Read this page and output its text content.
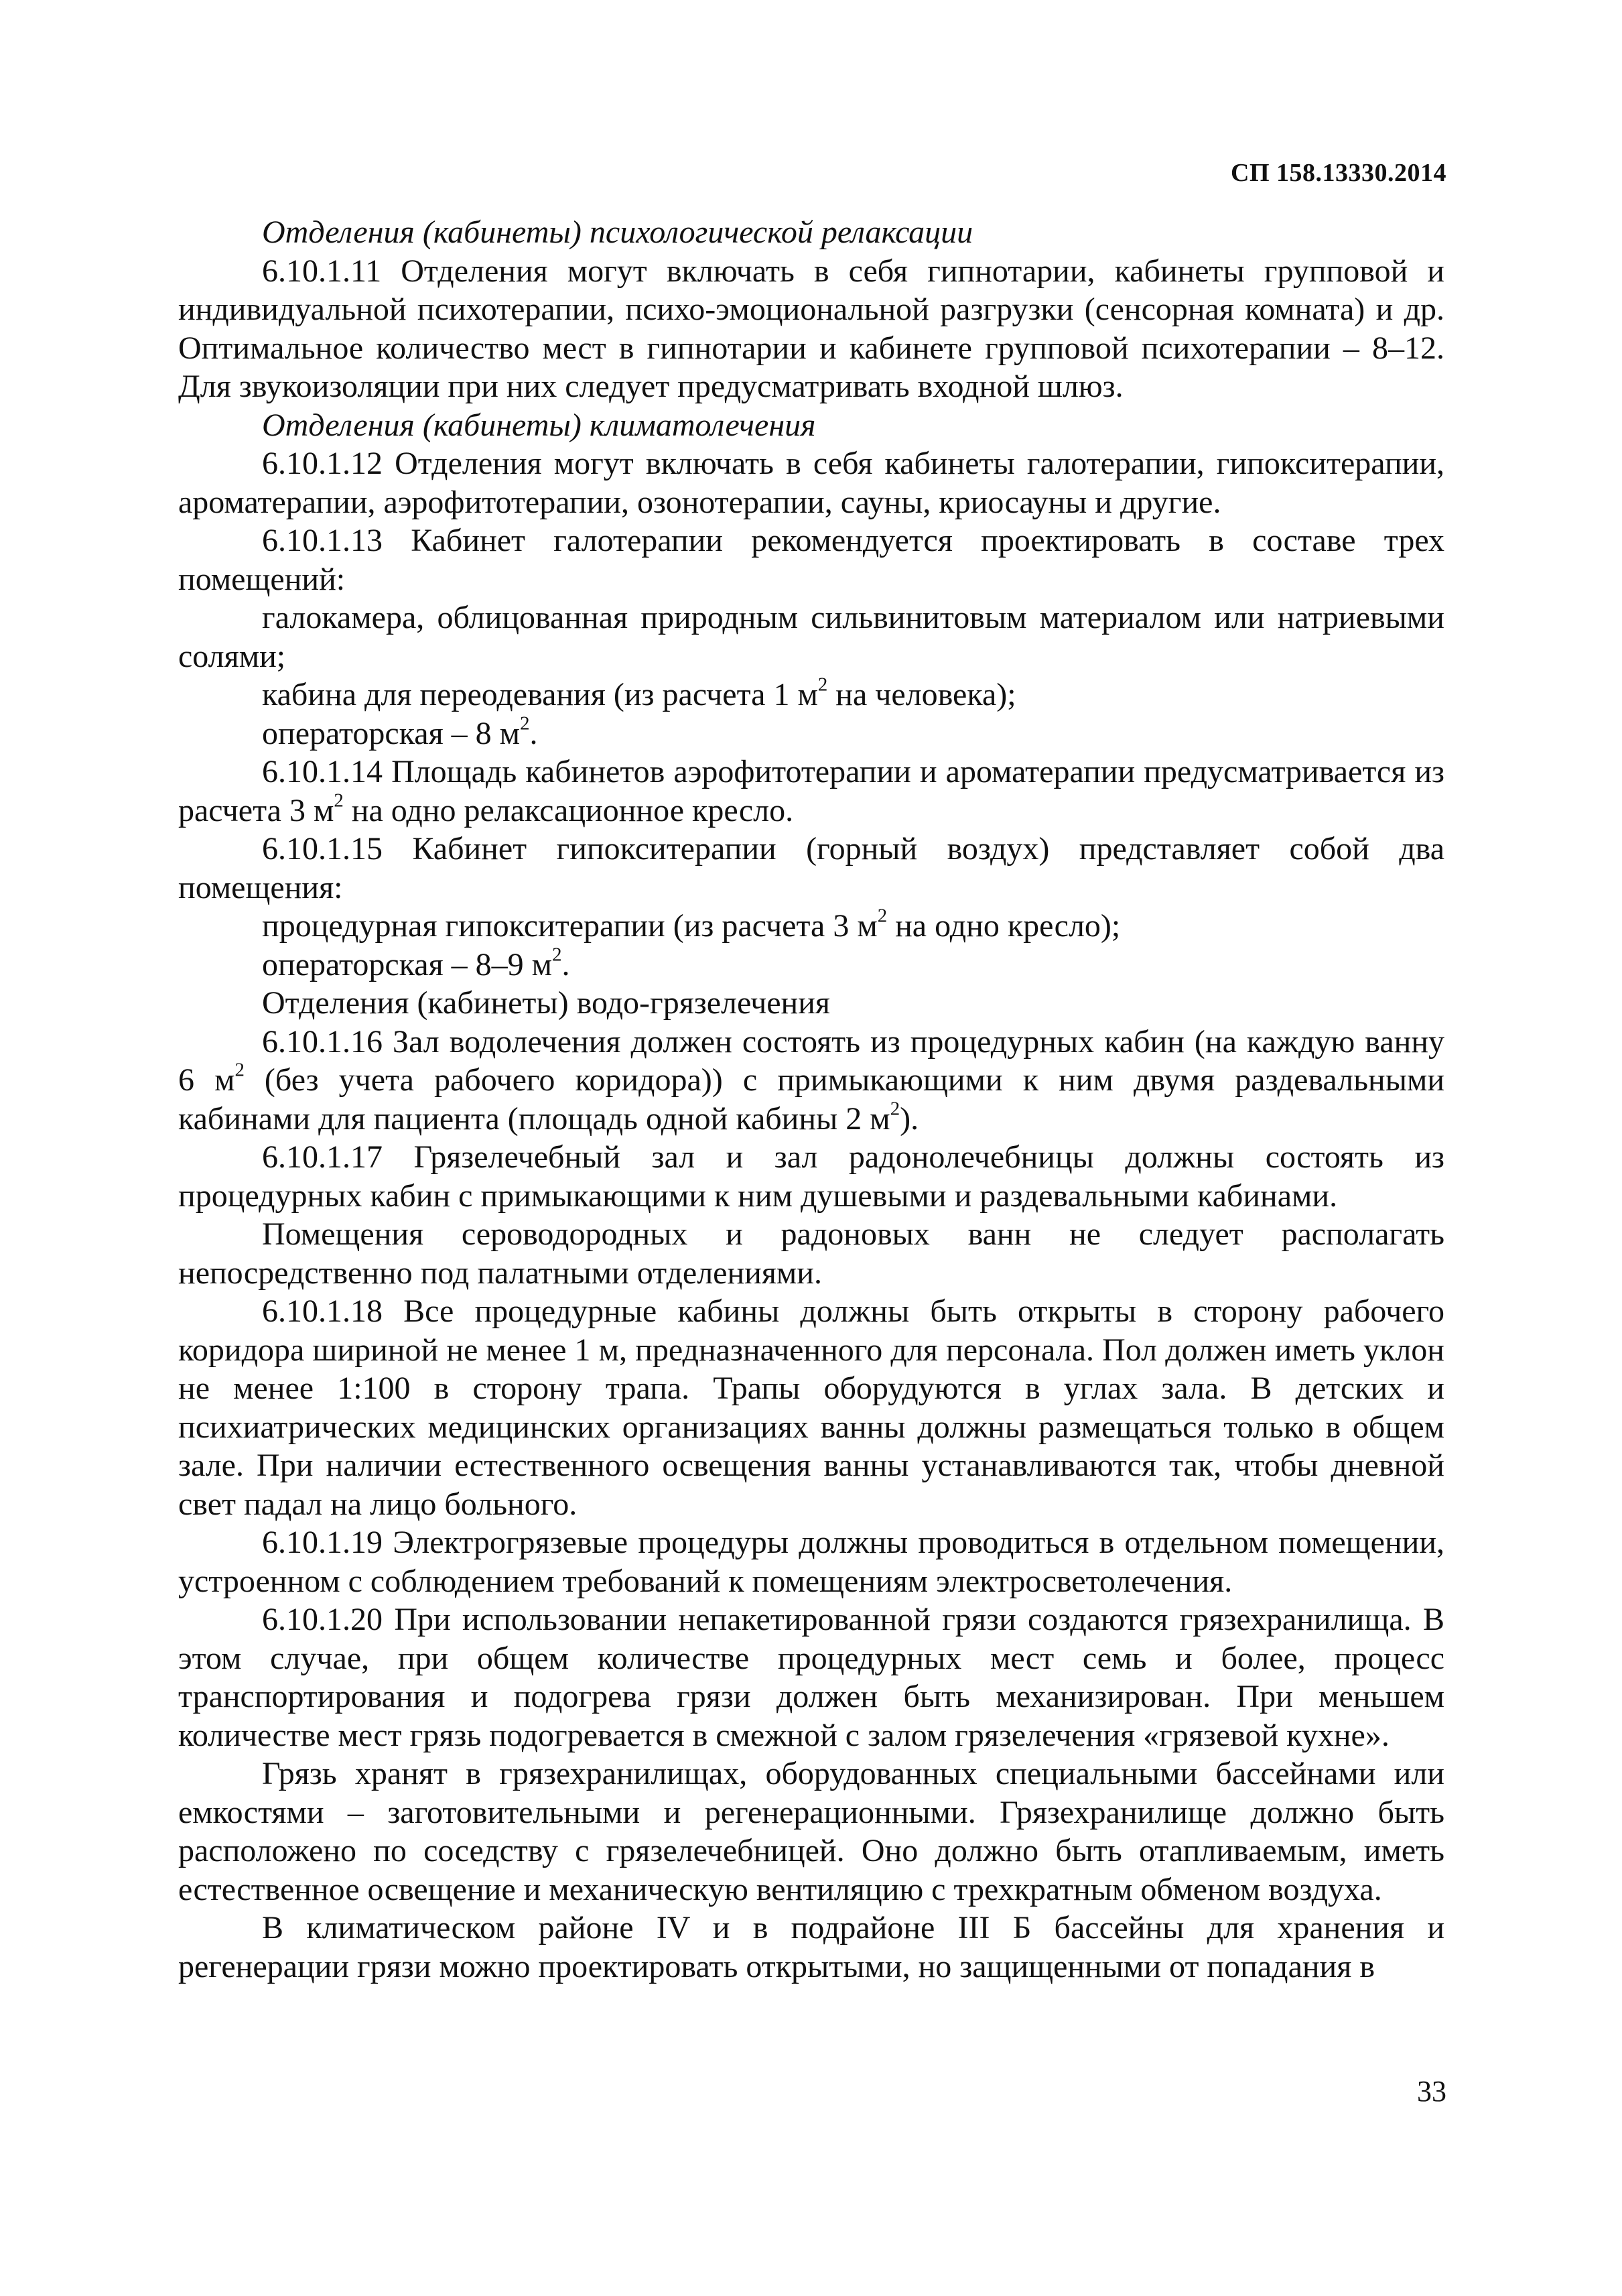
СП 158.13330.2014

Отделения (кабинеты) психологической релаксации

6.10.1.11 Отделения могут включать в себя гипнотарии, кабинеты групповой и индивидуальной психотерапии, психо-эмоциональной разгрузки (сенсорная комната) и др. Оптимальное количество мест в гипнотарии и кабинете групповой психотерапии – 8–12. Для звукоизоляции при них следует предусматривать входной шлюз.

Отделения (кабинеты) климатолечения

6.10.1.12 Отделения могут включать в себя кабинеты галотерапии, гипокситерапии, ароматерапии, аэрофитотерапии, озонотерапии, сауны, криосауны и другие.

6.10.1.13 Кабинет галотерапии рекомендуется проектировать в составе трех помещений:

галокамера, облицованная природным сильвинитовым материалом или натриевыми солями;

кабина для переодевания (из расчета 1 $м^2$ на человека);

операторская – 8 $м^2$.

6.10.1.14 Площадь кабинетов аэрофитотерапии и ароматерапии предусматривается из расчета 3 $м^2$ на одно релаксационное кресло.

6.10.1.15 Кабинет гипокситерапии (горный воздух) представляет собой два помещения:

процедурная гипокситерапии (из расчета 3 $м^2$ на одно кресло);

операторская – 8–9 $м^2$.

Отделения (кабинеты) водо-грязелечения

6.10.1.16 Зал водолечения должен состоять из процедурных кабин (на каждую ванну 6 $м^2$ (без учета рабочего коридора)) с примыкающими к ним двумя раздевальными кабинами для пациента (площадь одной кабины 2 $м^2$).

6.10.1.17 Грязелечебный зал и зал радонолечебницы должны состоять из процедурных кабин с примыкающими к ним душевыми и раздевальными кабинами.

Помещения сероводородных и радоновых ванн не следует располагать непосредственно под палатными отделениями.

6.10.1.18 Все процедурные кабины должны быть открыты в сторону рабочего коридора шириной не менее 1 м, предназначенного для персонала. Пол должен иметь уклон не менее 1:100 в сторону трапа. Трапы оборудуются в углах зала. В детских и психиатрических медицинских организациях ванны должны размещаться только в общем зале. При наличии естественного освещения ванны устанавливаются так, чтобы дневной свет падал на лицо больного.

6.10.1.19 Электрогрязевые процедуры должны проводиться в отдельном помещении, устроенном с соблюдением требований к помещениям электросветолечения.

6.10.1.20 При использовании непакетированной грязи создаются грязехранилища. В этом случае, при общем количестве процедурных мест семь и более, процесс транспортирования и подогрева грязи должен быть механизирован. При меньшем количестве мест грязь подогревается в смежной с залом грязелечения «грязевой кухне».

Грязь хранят в грязехранилищах, оборудованных специальными бассейнами или емкостями – заготовительными и регенерационными. Грязехранилище должно быть расположено по соседству с грязелечебницей. Оно должно быть отапливаемым, иметь естественное освещение и механическую вентиляцию с трехкратным обменом воздуха.

В климатическом районе IV и в подрайоне III Б бассейны для хранения и регенерации грязи можно проектировать открытыми, но защищенными от попадания в

33
